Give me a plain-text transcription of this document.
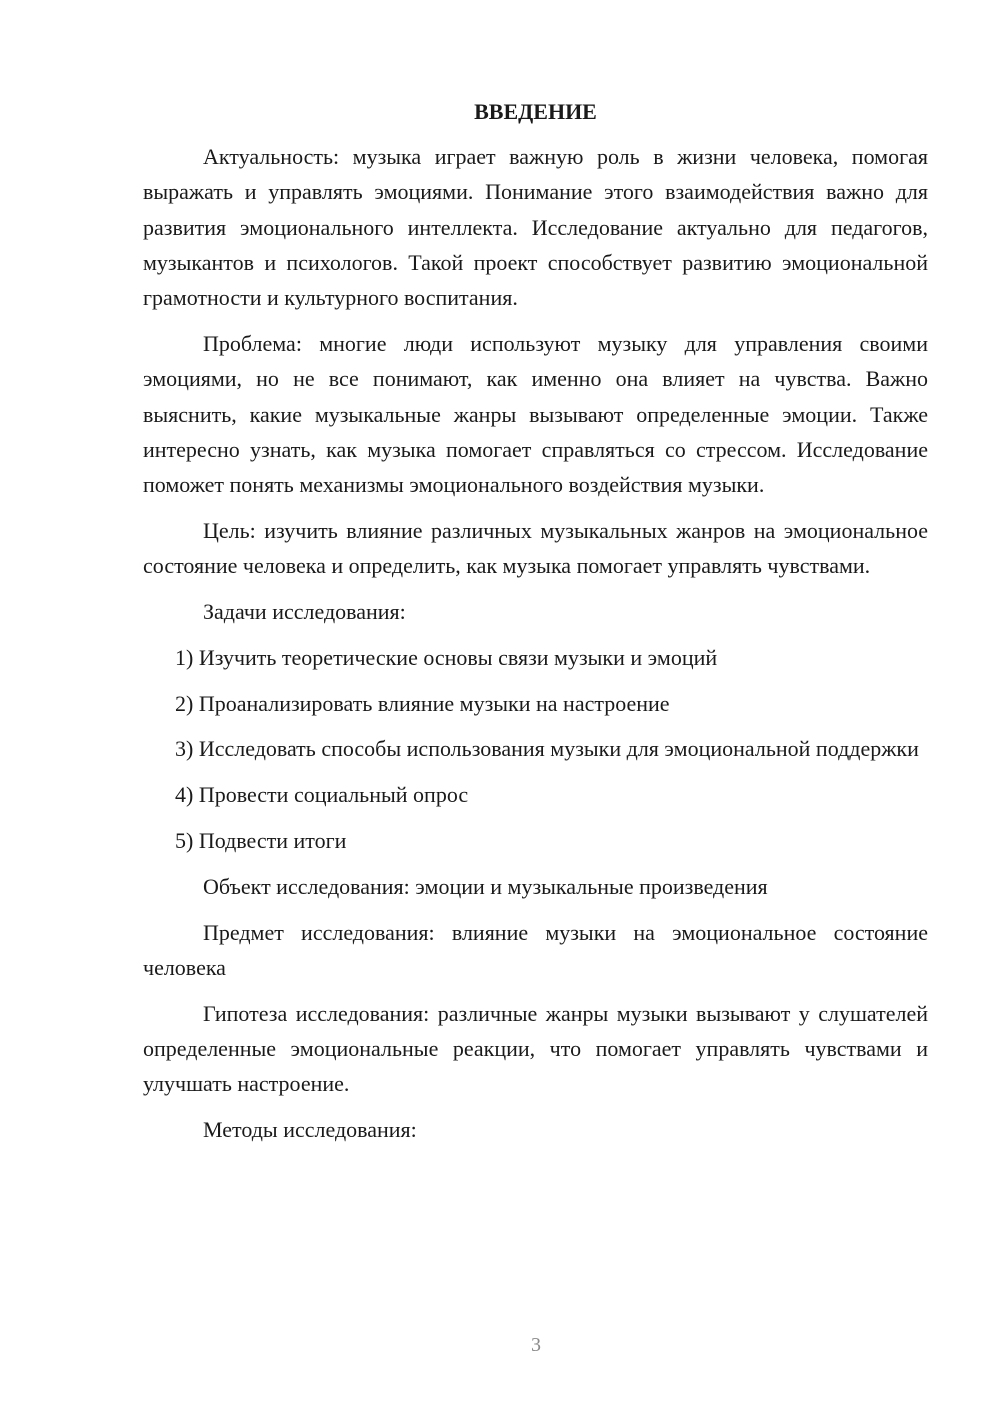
ВВЕДЕНИЕ

Актуальность: музыка играет важную роль в жизни человека, помогая выражать и управлять эмоциями. Понимание этого взаимодействия важно для развития эмоционального интеллекта. Исследование актуально для педагогов, музыкантов и психологов. Такой проект способствует развитию эмоциональной грамотности и культурного воспитания.

Проблема: многие люди используют музыку для управления своими эмоциями, но не все понимают, как именно она влияет на чувства. Важно выяснить, какие музыкальные жанры вызывают определенные эмоции. Также интересно узнать, как музыка помогает справляться со стрессом. Исследование поможет понять механизмы эмоционального воздействия музыки.

Цель: изучить влияние различных музыкальных жанров на эмоциональное состояние человека и определить, как музыка помогает управлять чувствами.

Задачи исследования:

1) Изучить теоретические основы связи музыки и эмоций

2) Проанализировать влияние музыки на настроение

3) Исследовать способы использования музыки для эмоциональной поддержки

4) Провести социальный опрос

5) Подвести итоги

Объект исследования: эмоции и музыкальные произведения

Предмет исследования: влияние музыки на эмоциональное состояние человека

Гипотеза исследования: различные жанры музыки вызывают у слушателей определенные эмоциональные реакции, что помогает управлять чувствами и улучшать настроение.

Методы исследования:

3
